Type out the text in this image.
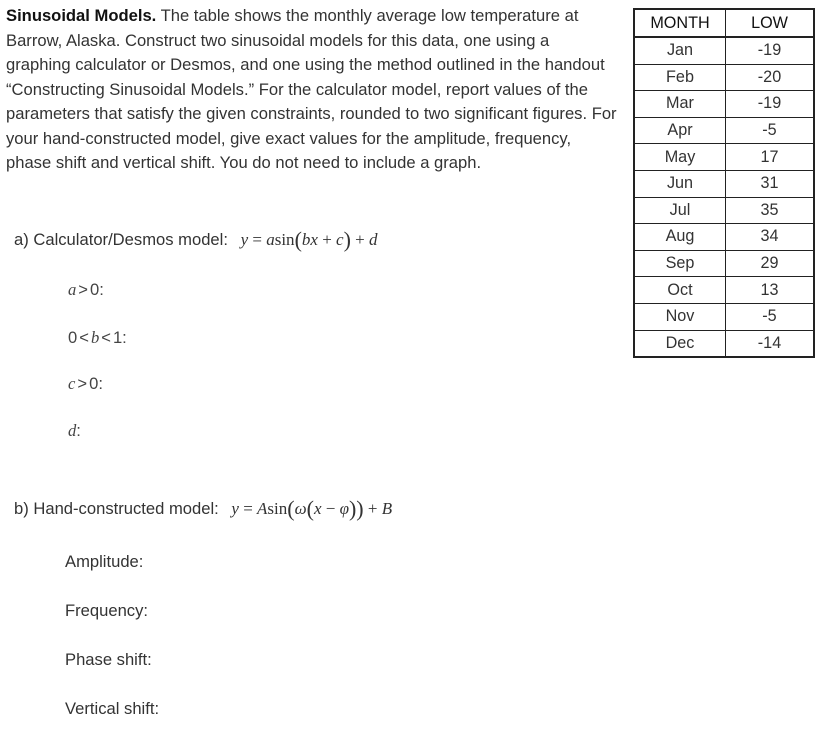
Sinusoidal Models. The table shows the monthly average low temperature at Barrow, Alaska. Construct two sinusoidal models for this data, one using a graphing calculator or Desmos, and one using the method outlined in the handout “Constructing Sinusoidal Models.” For the calculator model, report values of the parameters that satisfy the given constraints, rounded to two significant figures. For your hand-constructed model, give exact values for the amplitude, frequency, phase shift and vertical shift. You do not need to include a graph.
a) Calculator/Desmos model: y = asin(bx + c) + d
a > 0:
0 < b < 1:
c > 0:
d:
b) Hand-constructed model: y = Asin(ω(x − φ)) + B
Amplitude:
Frequency:
Phase shift:
Vertical shift:
MONTH	LOW
Jan	-19
Feb	-20
Mar	-19
Apr	-5
May	17
Jun	31
Jul	35
Aug	34
Sep	29
Oct	13
Nov	-5
Dec	-14
